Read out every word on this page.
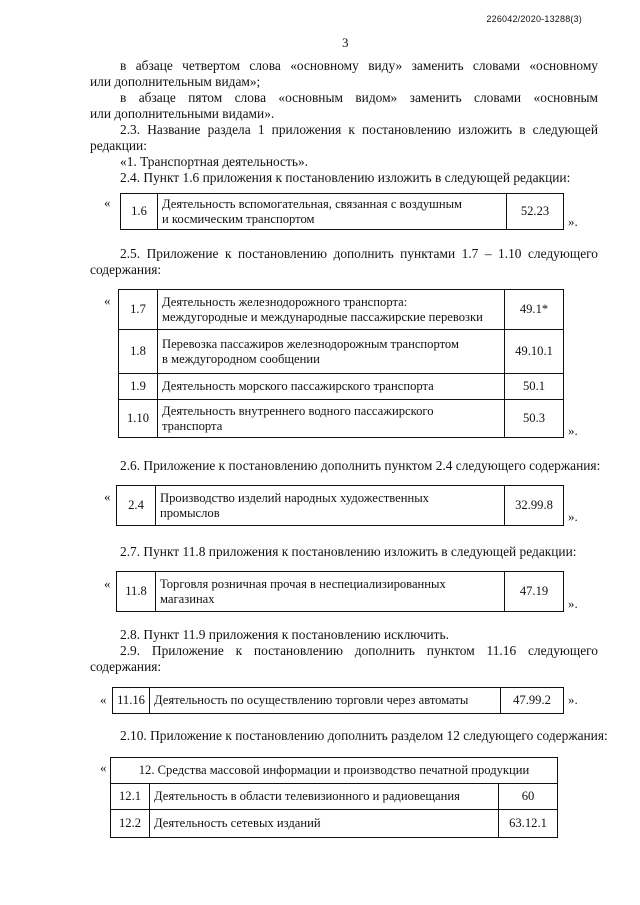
226042/2020-13288(3)
3
в абзаце четвертом слова «основному виду» заменить словами «основному
или дополнительным видам»;
в абзаце пятом слова «основным видом» заменить словами «основным
или дополнительными видами».
2.3. Название раздела 1 приложения к постановлению изложить в следующей
редакции:
«1. Транспортная деятельность».
2.4. Пункт 1.6 приложения к постановлению изложить в следующей редакции:
«
1.6	Деятельность вспомогательная, связанная с воздушным
и космическим транспортом	52.23
».
2.5. Приложение к постановлению дополнить пунктами 1.7 – 1.10 следующего
содержания:
«
1.7	Деятельность железнодорожного транспорта:
междугородные и международные пассажирские перевозки	49.1*
1.8	Перевозка пассажиров железнодорожным транспортом
в междугородном сообщении	49.10.1
1.9	Деятельность морского пассажирского транспорта	50.1
1.10	Деятельность внутреннего водного пассажирского
транспорта	50.3
».
2.6. Приложение к постановлению дополнить пунктом 2.4 следующего содержания:
«
2.4	Производство изделий народных художественных
промыслов	32.99.8
».
2.7. Пункт 11.8 приложения к постановлению изложить в следующей редакции:
« 11.8	Торговля розничная прочая в неспециализированных
магазинах	47.19
».
2.8. Пункт 11.9 приложения к постановлению исключить.
2.9. Приложение к постановлению дополнить пунктом 11.16 следующего
содержания:
« 11.16	Деятельность по осуществлению торговли через автоматы	47.99.2 ».
2.10. Приложение к постановлению дополнить разделом 12 следующего содержания:
«	12. Средства массовой информации и производство печатной продукции		
12.1	Деятельность в области телевизионного и радиовещания	60
12.2	Деятельность сетевых изданий	63.12.1
